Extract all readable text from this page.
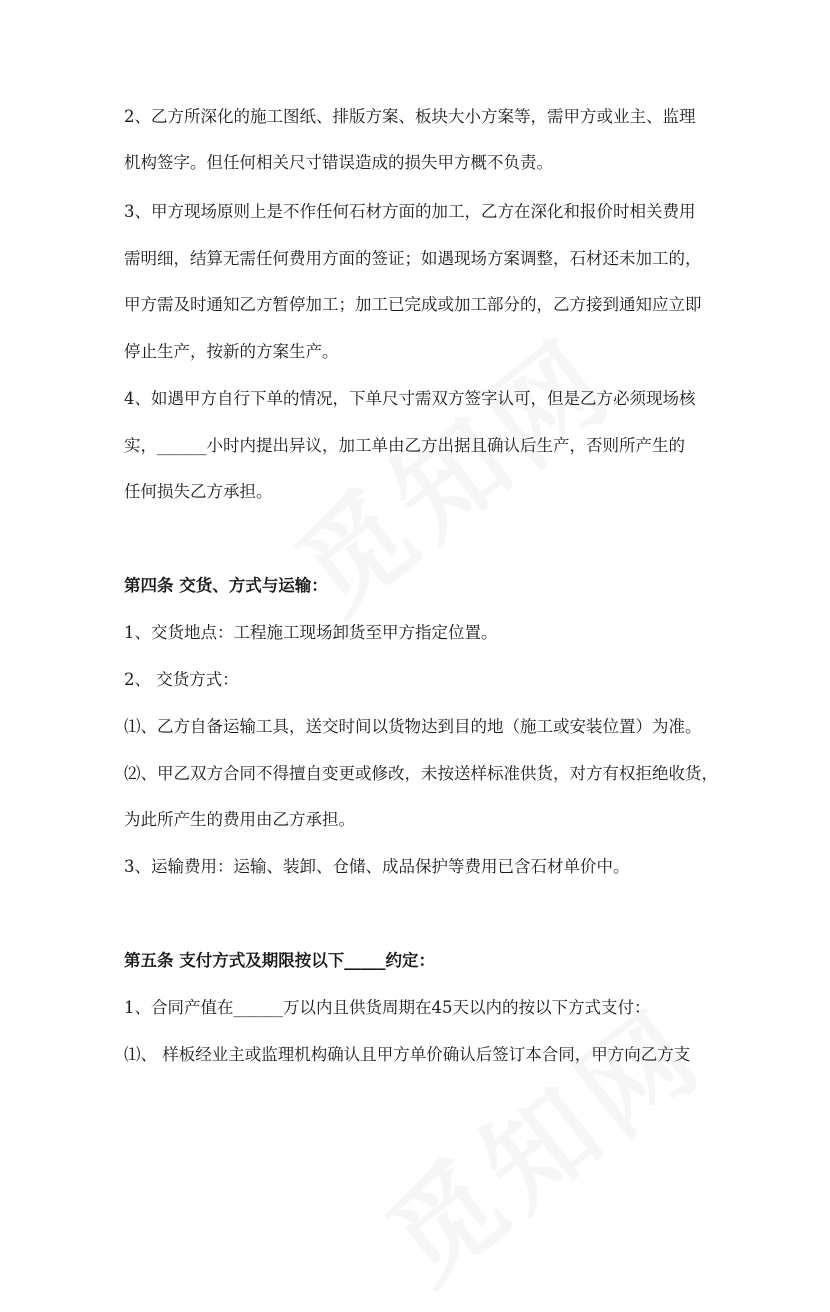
2、乙方所深化的施工图纸、排版方案、板块大小方案等，需甲方或业主、监理

机构签字。但任何相关尺寸错误造成的损失甲方概不负责。

3、甲方现场原则上是不作任何石材方面的加工，乙方在深化和报价时相关费用

需明细，结算无需任何费用方面的签证；如遇现场方案调整，石材还未加工的，

甲方需及时通知乙方暂停加工；加工已完成或加工部分的，乙方接到通知应立即

停止生产，按新的方案生产。

4、如遇甲方自行下单的情况，下单尺寸需双方签字认可，但是乙方必须现场核

实，______小时内提出异议，加工单由乙方出据且确认后生产，否则所产生的

任何损失乙方承担。

第四条 交货、方式与运输：

1、交货地点：工程施工现场卸货至甲方指定位置。

2、 交货方式：

⑴、乙方自备运输工具，送交时间以货物达到目的地（施工或安装位置）为准。

⑵、甲乙双方合同不得擅自变更或修改，未按送样标准供货，对方有权拒绝收货，

为此所产生的费用由乙方承担。

3、运输费用：运输、装卸、仓储、成品保护等费用已含石材单价中。

第五条 支付方式及期限按以下_____约定：

1、合同产值在______万以内且供货周期在45天以内的按以下方式支付：

⑴、 样板经业主或监理机构确认且甲方单价确认后签订本合同，甲方向乙方支
